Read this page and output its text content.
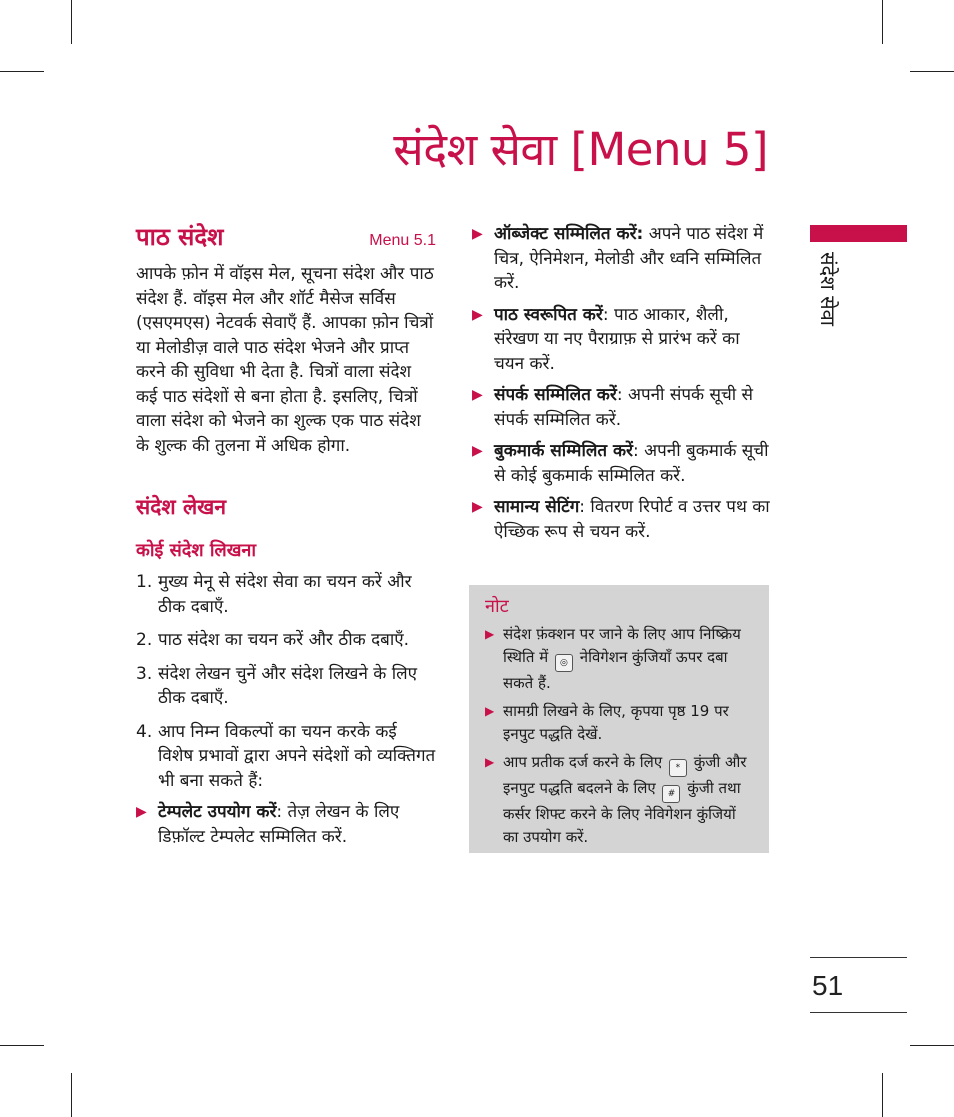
संदेश सेवा [Menu 5]
संदेश सेवा
पाठ संदेश	Menu 5.1

आपके फ़ोन में वॉइस मेल, सूचना संदेश और पाठ संदेश हैं. वॉइस मेल और शॉर्ट मैसेज सर्विस (एसएमएस) नेटवर्क सेवाएँ हैं. आपका फ़ोन चित्रों या मेलोडीज़ वाले पाठ संदेश भेजने और प्राप्त करने की सुविधा भी देता है. चित्रों वाला संदेश कई पाठ संदेशों से बना होता है. इसलिए, चित्रों वाला संदेश को भेजने का शुल्क एक पाठ संदेश के शुल्क की तुलना में अधिक होगा.

संदेश लेखन
कोई संदेश लिखना
1. मुख्य मेनू से संदेश सेवा का चयन करें और ठीक दबाएँ.
2. पाठ संदेश का चयन करें और ठीक दबाएँ.
3. संदेश लेखन चुनें और संदेश लिखने के लिए ठीक दबाएँ.
4. आप निम्न विकल्पों का चयन करके कई विशेष प्रभावों द्वारा अपने संदेशों को व्यक्तिगत भी बना सकते हैं:
▶ टेम्पलेट उपयोग करें: तेज़ लेखन के लिए डिफ़ॉल्ट टेम्पलेट सम्मिलित करें.
▶ ऑब्जेक्ट सम्मिलित करें: अपने पाठ संदेश में चित्र, ऐनिमेशन, मेलोडी और ध्वनि सम्मिलित करें.
▶ पाठ स्वरूपित करें: पाठ आकार, शैली, संरेखण या नए पैराग्राफ़ से प्रारंभ करें का चयन करें.
▶ संपर्क सम्मिलित करें: अपनी संपर्क सूची से संपर्क सम्मिलित करें.
▶ बुकमार्क सम्मिलित करें: अपनी बुकमार्क सूची से कोई बुकमार्क सम्मिलित करें.
▶ सामान्य सेटिंग: वितरण रिपोर्ट व उत्तर पथ का ऐच्छिक रूप से चयन करें.
नोट
▶ संदेश फ़ंक्शन पर जाने के लिए आप निष्क्रिय स्थिति में ◎ नेविगेशन कुंजियाँ ऊपर दबा सकते हैं.
▶ सामग्री लिखने के लिए, कृपया पृष्ठ 19 पर इनपुट पद्धति देखें.
▶ आप प्रतीक दर्ज करने के लिए * कुंजी और इनपुट पद्धति बदलने के लिए # कुंजी तथा कर्सर शिफ्ट करने के लिए नेविगेशन कुंजियों का उपयोग करें.
51
